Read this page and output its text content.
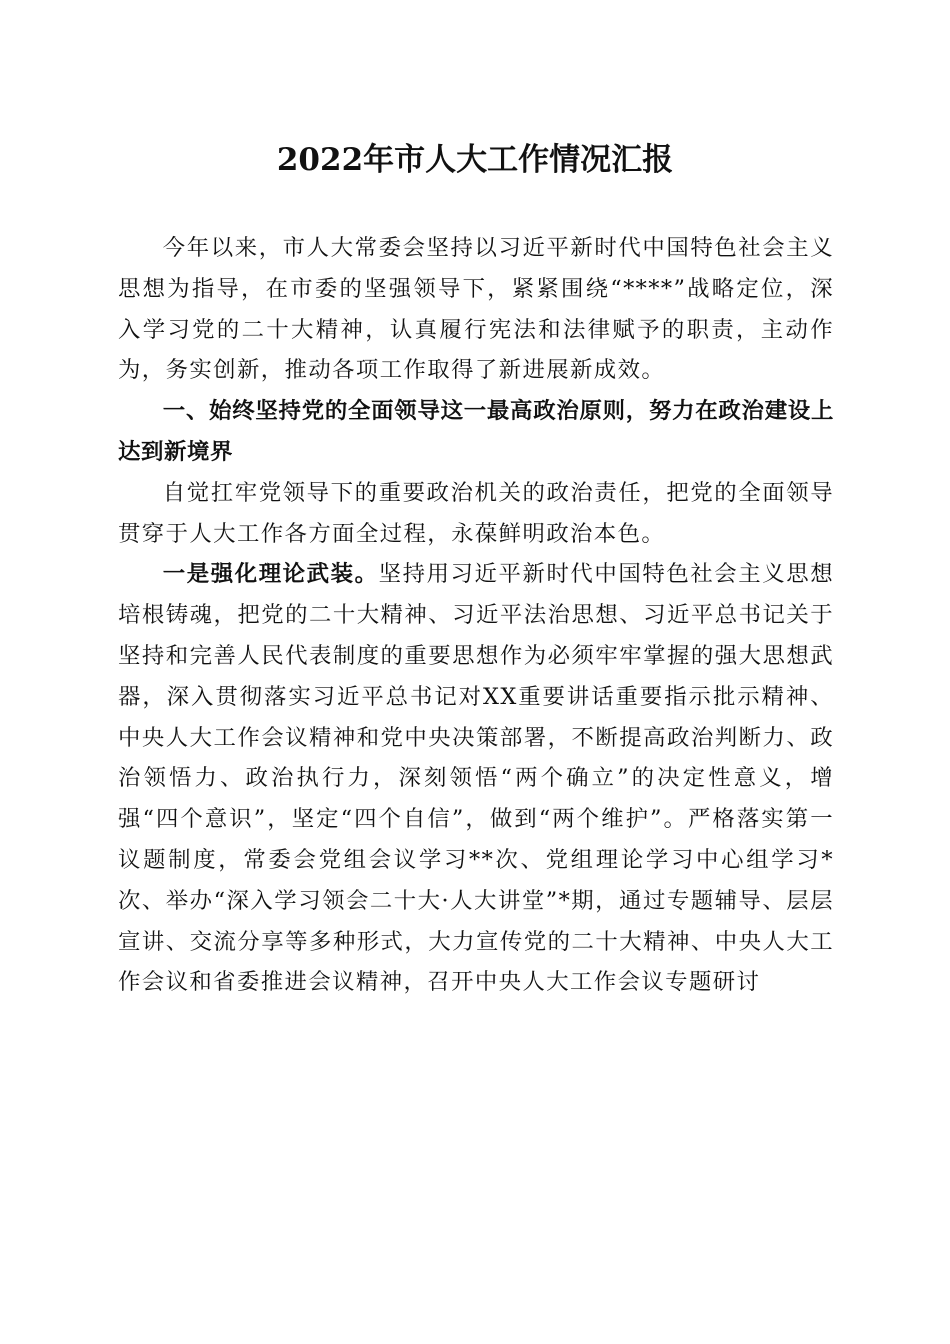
2022年市人大工作情况汇报

今年以来，市人大常委会坚持以习近平新时代中国特色社会主义思想为指导，在市委的坚强领导下，紧紧围绕“****”战略定位，深入学习党的二十大精神，认真履行宪法和法律赋予的职责，主动作为，务实创新，推动各项工作取得了新进展新成效。

一、始终坚持党的全面领导这一最高政治原则，努力在政治建设上达到新境界

自觉扛牢党领导下的重要政治机关的政治责任，把党的全面领导贯穿于人大工作各方面全过程，永葆鲜明政治本色。

一是强化理论武装。坚持用习近平新时代中国特色社会主义思想培根铸魂，把党的二十大精神、习近平法治思想、习近平总书记关于坚持和完善人民代表制度的重要思想作为必须牢牢掌握的强大思想武器，深入贯彻落实习近平总书记对XX重要讲话重要指示批示精神、中央人大工作会议精神和党中央决策部署，不断提高政治判断力、政治领悟力、政治执行力，深刻领悟“两个确立”的决定性意义，增强“四个意识”，坚定“四个自信”，做到“两个维护”。严格落实第一议题制度，常委会党组会议学习**次、党组理论学习中心组学习*次、举办“深入学习领会二十大·人大讲堂”*期，通过专题辅导、层层宣讲、交流分享等多种形式，大力宣传党的二十大精神、中央人大工作会议和省委推进会议精神，召开中央人大工作会议专题研讨
